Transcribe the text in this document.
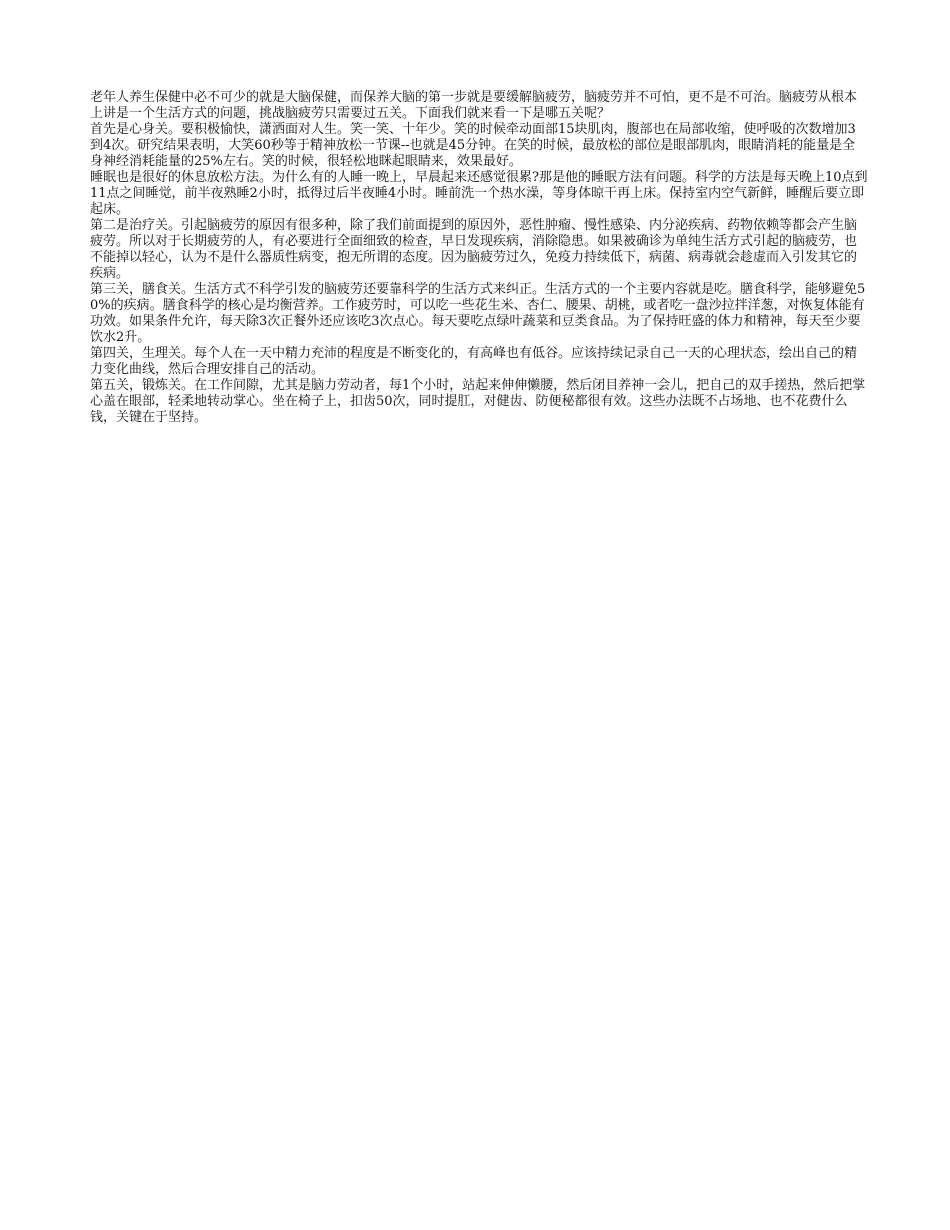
老年人养生保健中必不可少的就是大脑保健，而保养大脑的第一步就是要缓解脑疲劳，脑疲劳并不可怕，更不是不可治。脑疲劳从根本上讲是一个生活方式的问题，挑战脑疲劳只需要过五关。下面我们就来看一下是哪五关呢？

首先是心身关。要积极愉快，潇洒面对人生。笑一笑、十年少。笑的时候牵动面部15块肌肉，腹部也在局部收缩，使呼吸的次数增加3到4次。研究结果表明，大笑60秒等于精神放松一节课--也就是45分钟。在笑的时候，最放松的部位是眼部肌肉，眼睛消耗的能量是全身神经消耗能量的25%左右。笑的时候，很轻松地眯起眼睛来，效果最好。

睡眠也是很好的休息放松方法。为什么有的人睡一晚上，早晨起来还感觉很累?那是他的睡眠方法有问题。科学的方法是每天晚上10点到11点之间睡觉，前半夜熟睡2小时，抵得过后半夜睡4小时。睡前洗一个热水澡，等身体晾干再上床。保持室内空气新鲜，睡醒后要立即起床。

第二是治疗关。引起脑疲劳的原因有很多种，除了我们前面提到的原因外，恶性肿瘤、慢性感染、内分泌疾病、药物依赖等都会产生脑疲劳。所以对于长期疲劳的人，有必要进行全面细致的检查，早日发现疾病，消除隐患。如果被确诊为单纯生活方式引起的脑疲劳，也不能掉以轻心，认为不是什么器质性病变，抱无所谓的态度。因为脑疲劳过久，免疫力持续低下，病菌、病毒就会趁虚而入引发其它的疾病。

第三关，膳食关。生活方式不科学引发的脑疲劳还要靠科学的生活方式来纠正。生活方式的一个主要内容就是吃。膳食科学，能够避免50%的疾病。膳食科学的核心是均衡营养。工作疲劳时，可以吃一些花生米、杏仁、腰果、胡桃，或者吃一盘沙拉拌洋葱，对恢复体能有功效。如果条件允许，每天除3次正餐外还应该吃3次点心。每天要吃点绿叶蔬菜和豆类食品。为了保持旺盛的体力和精神，每天至少要饮水2升。

第四关，生理关。每个人在一天中精力充沛的程度是不断变化的，有高峰也有低谷。应该持续记录自己一天的心理状态，绘出自己的精力变化曲线，然后合理安排自己的活动。

第五关，锻炼关。在工作间隙，尤其是脑力劳动者，每1个小时，站起来伸伸懒腰，然后闭目养神一会儿，把自己的双手搓热，然后把掌心盖在眼部，轻柔地转动掌心。坐在椅子上，扣齿50次，同时提肛，对健齿、防便秘都很有效。这些办法既不占场地、也不花费什么钱，关键在于坚持。
